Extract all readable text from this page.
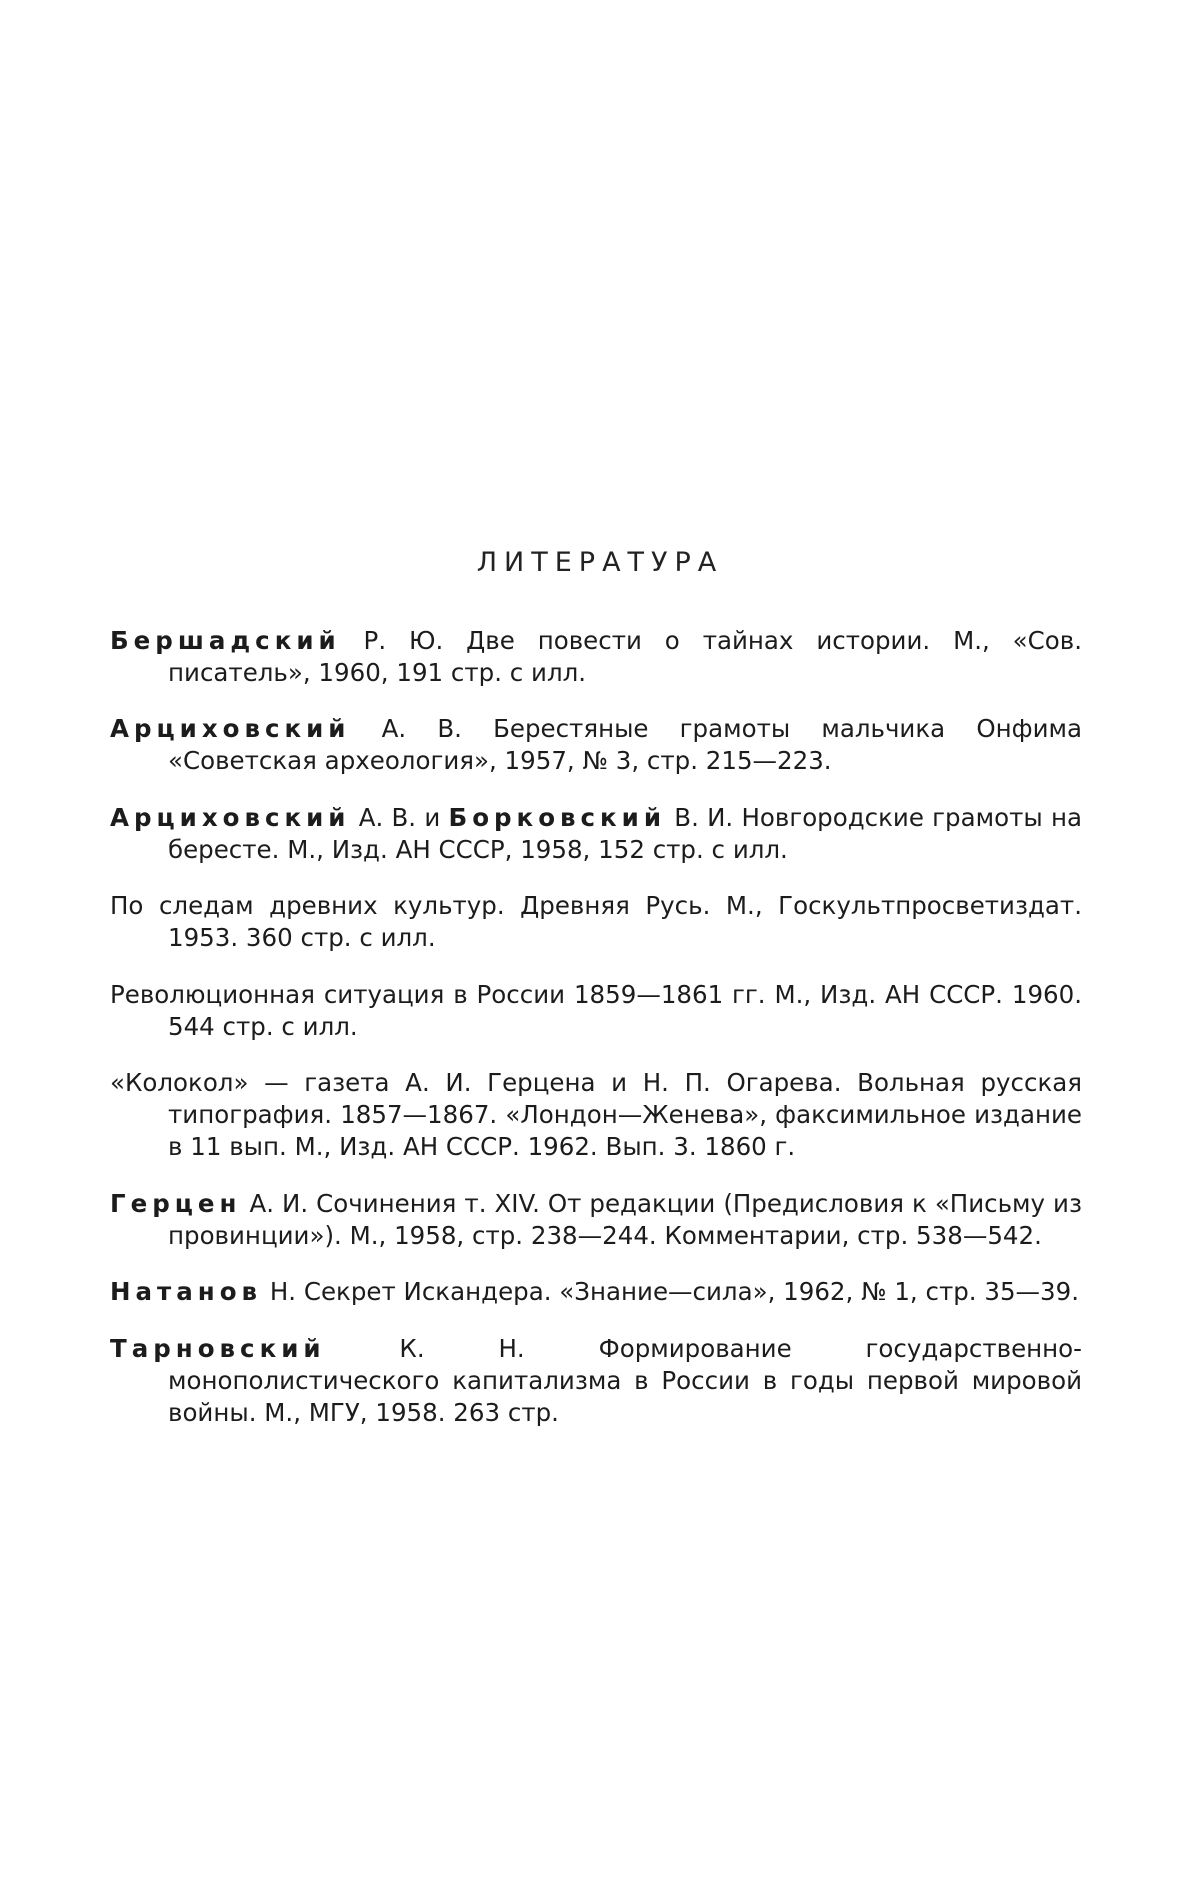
ЛИТЕРАТУРА

Бершадский Р. Ю. Две повести о тайнах истории. М., «Сов. писатель», 1960, 191 стр. с илл.

Арциховский А. В. Берестяные грамоты мальчика Онфима «Советская археология», 1957, № 3, стр. 215—223.

Арциховский А. В. и Борковский В. И. Новгородские грамоты на бересте. М., Изд. АН СССР, 1958, 152 стр. с илл.

По следам древних культур. Древняя Русь. М., Госкультпросветиздат. 1953. 360 стр. с илл.

Революционная ситуация в России 1859—1861 гг. М., Изд. АН СССР. 1960. 544 стр. с илл.

«Колокол» — газета А. И. Герцена и Н. П. Огарева. Вольная русская типография. 1857—1867. «Лондон—Женева», факсимильное издание в 11 вып. М., Изд. АН СССР. 1962. Вып. 3. 1860 г.

Герцен А. И. Сочинения т. XIV. От редакции (Предисловия к «Письму из провинции»). М., 1958, стр. 238—244. Комментарии, стр. 538—542.

Натанов Н. Секрет Искандера. «Знание—сила», 1962, № 1, стр. 35—39.

Тарновский К. Н. Формирование государственно-монополистического капитализма в России в годы первой мировой войны. М., МГУ, 1958. 263 стр.
